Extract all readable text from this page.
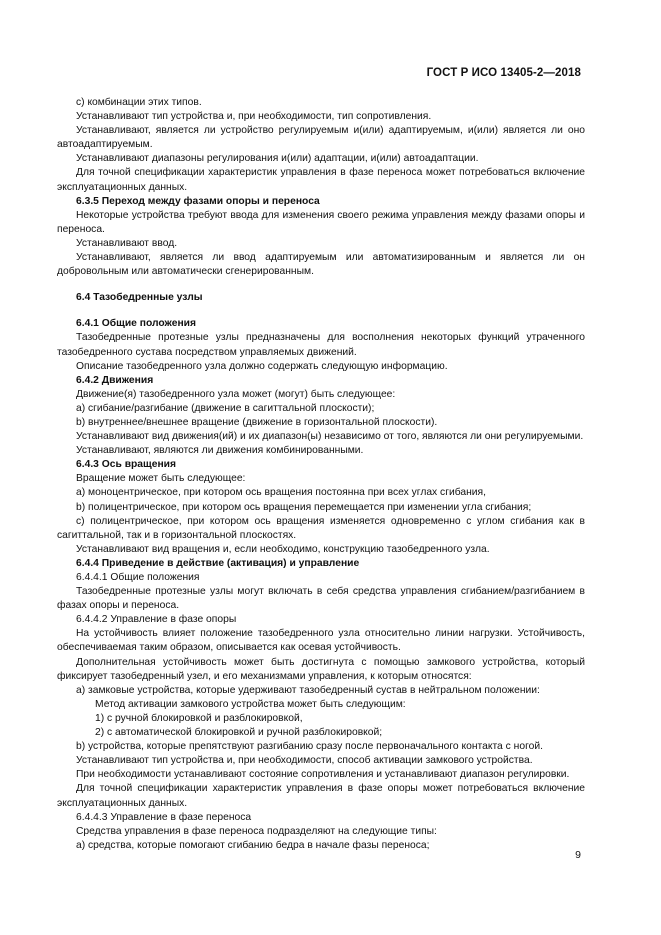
ГОСТ Р ИСО 13405-2—2018
c) комбинации этих типов.
Устанавливают тип устройства и, при необходимости, тип сопротивления.
Устанавливают, является ли устройство регулируемым и(или) адаптируемым, и(или) является ли оно автоадаптируемым.
Устанавливают диапазоны регулирования и(или) адаптации, и(или) автоадаптации.
Для точной спецификации характеристик управления в фазе переноса может потребоваться включение эксплуатационных данных.
6.3.5 Переход между фазами опоры и переноса
Некоторые устройства требуют ввода для изменения своего режима управления между фазами опоры и переноса.
Устанавливают ввод.
Устанавливают, является ли ввод адаптируемым или автоматизированным и является ли он добровольным или автоматически сгенерированным.
6.4 Тазобедренные узлы
6.4.1 Общие положения
Тазобедренные протезные узлы предназначены для восполнения некоторых функций утраченного тазобедренного сустава посредством управляемых движений.
Описание тазобедренного узла должно содержать следующую информацию.
6.4.2 Движения
Движение(я) тазобедренного узла может (могут) быть следующее:
a) сгибание/разгибание (движение в сагиттальной плоскости);
b) внутреннее/внешнее вращение (движение в горизонтальной плоскости).
Устанавливают вид движения(ий) и их диапазон(ы) независимо от того, являются ли они регулируемыми.
Устанавливают, являются ли движения комбинированными.
6.4.3 Ось вращения
Вращение может быть следующее:
a) моноцентрическое, при котором ось вращения постоянна при всех углах сгибания,
b) полицентрическое, при котором ось вращения перемещается при изменении угла сгибания;
c) полицентрическое, при котором ось вращения изменяется одновременно с углом сгибания как в сагиттальной, так и в горизонтальной плоскостях.
Устанавливают вид вращения и, если необходимо, конструкцию тазобедренного узла.
6.4.4 Приведение в действие (активация) и управление
6.4.4.1 Общие положения
Тазобедренные протезные узлы могут включать в себя средства управления сгибанием/разгибанием в фазах опоры и переноса.
6.4.4.2 Управление в фазе опоры
На устойчивость влияет положение тазобедренного узла относительно линии нагрузки. Устойчивость, обеспечиваемая таким образом, описывается как осевая устойчивость.
Дополнительная устойчивость может быть достигнута с помощью замкового устройства, который фиксирует тазобедренный узел, и его механизмами управления, к которым относятся:
a) замковые устройства, которые удерживают тазобедренный сустав в нейтральном положении:
Метод активации замкового устройства может быть следующим:
1) с ручной блокировкой и разблокировкой,
2) с автоматической блокировкой и ручной разблокировкой;
b) устройства, которые препятствуют разгибанию сразу после первоначального контакта с ногой.
Устанавливают тип устройства и, при необходимости, способ активации замкового устройства.
При необходимости устанавливают состояние сопротивления и устанавливают диапазон регулировки.
Для точной спецификации характеристик управления в фазе опоры может потребоваться включение эксплуатационных данных.
6.4.4.3 Управление в фазе переноса
Средства управления в фазе переноса подразделяют на следующие типы:
a) средства, которые помогают сгибанию бедра в начале фазы переноса;
9
